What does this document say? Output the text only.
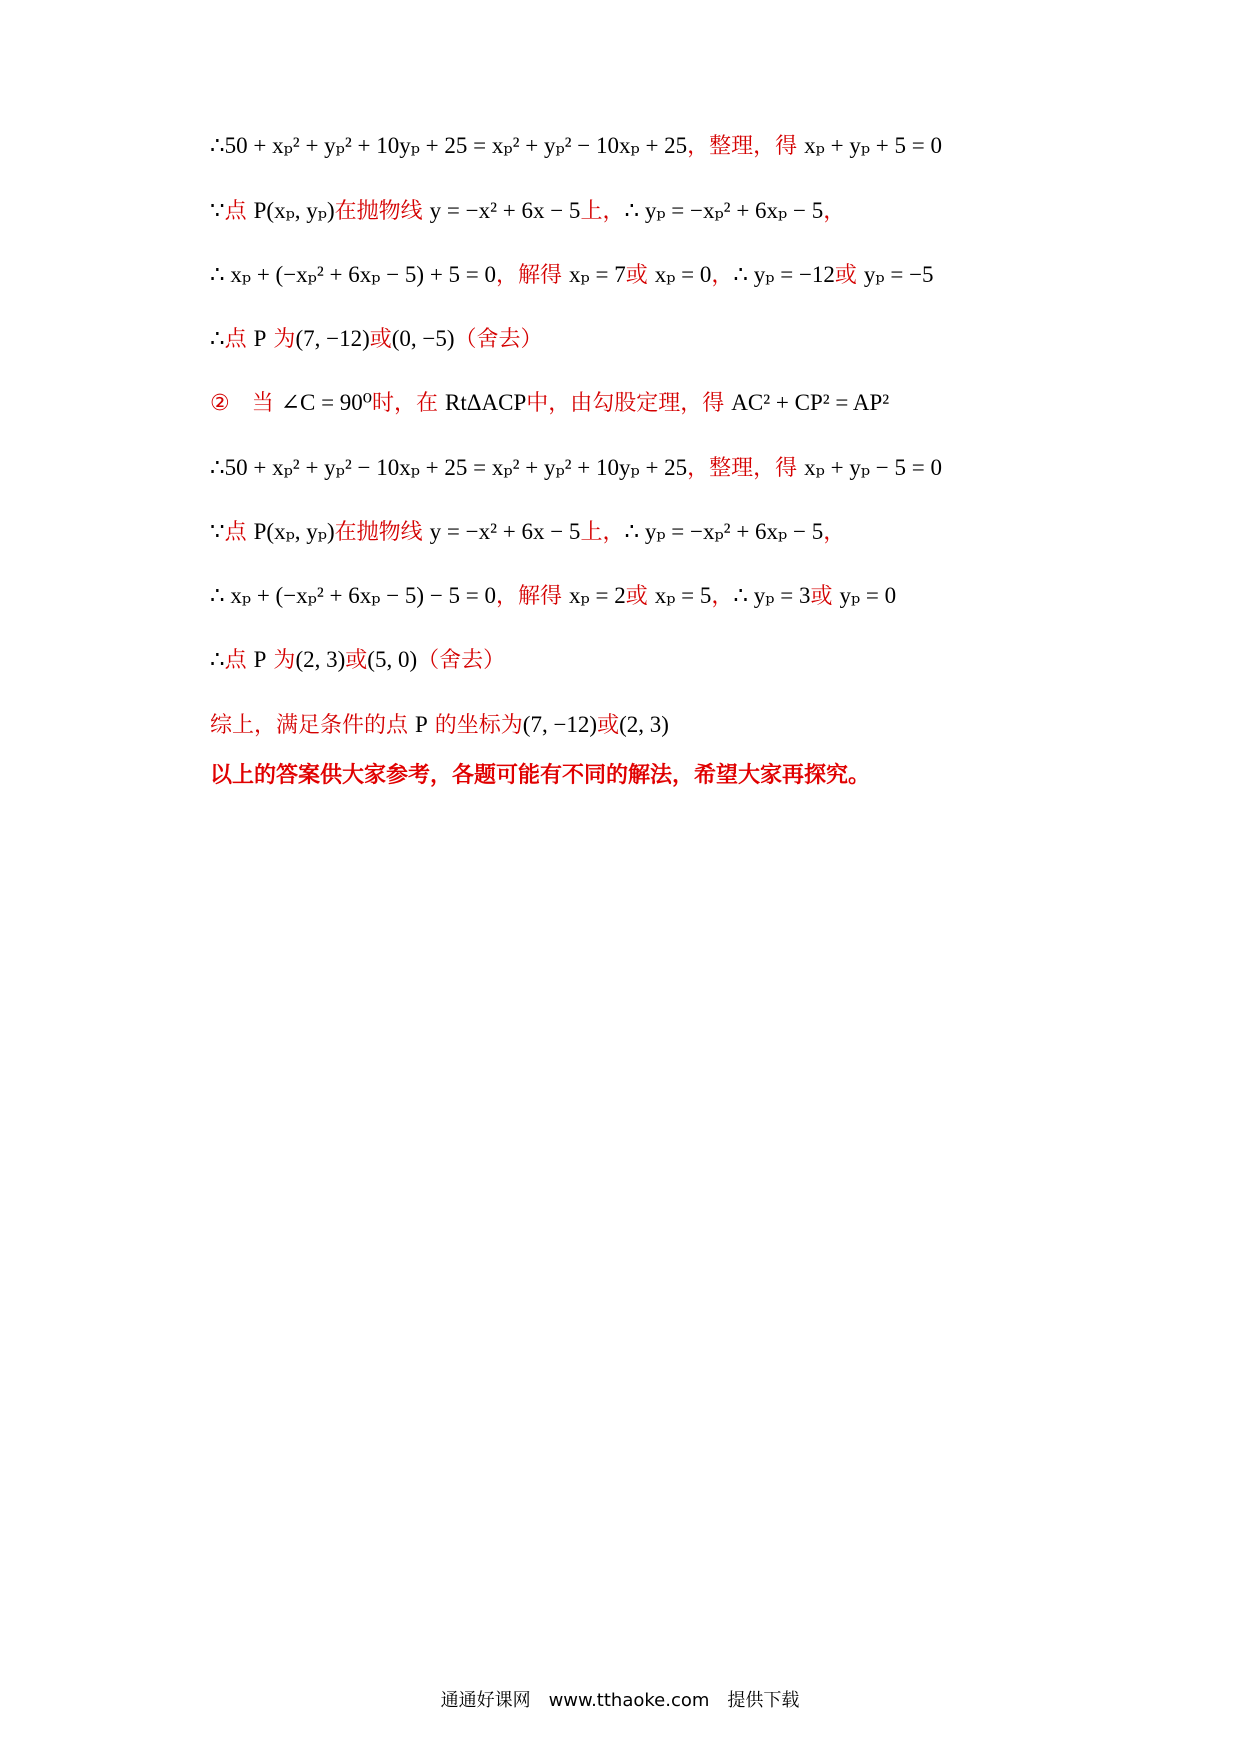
∴50 + xₚ² + yₚ² + 10yₚ + 25 = xₚ² + yₚ² − 10xₚ + 25，整理，得 xₚ + yₚ + 5 = 0
∵点 P(xₚ, yₚ)在抛物线 y = −x² + 6x − 5上，∴ yₚ = −xₚ² + 6xₚ − 5，
∴ xₚ + (−xₚ² + 6xₚ − 5) + 5 = 0，解得 xₚ = 7或 xₚ = 0，∴ yₚ = −12或 yₚ = −5
∴点 P 为(7, −12)或(0, −5)（舍去）
②　当 ∠C = 90⁰时，在 RtΔACP中，由勾股定理，得 AC² + CP² = AP²
∴50 + xₚ² + yₚ² − 10xₚ + 25 = xₚ² + yₚ² + 10yₚ + 25，整理，得 xₚ + yₚ − 5 = 0
∵点 P(xₚ, yₚ)在抛物线 y = −x² + 6x − 5上，∴ yₚ = −xₚ² + 6xₚ − 5，
∴ xₚ + (−xₚ² + 6xₚ − 5) − 5 = 0，解得 xₚ = 2或 xₚ = 5，∴ yₚ = 3或 yₚ = 0
∴点 P 为(2, 3)或(5, 0)（舍去）
综上，满足条件的点 P 的坐标为(7, −12)或(2, 3)
以上的答案供大家参考，各题可能有不同的解法，希望大家再探究。
通通好课网　www.tthaoke.com　提供下载
